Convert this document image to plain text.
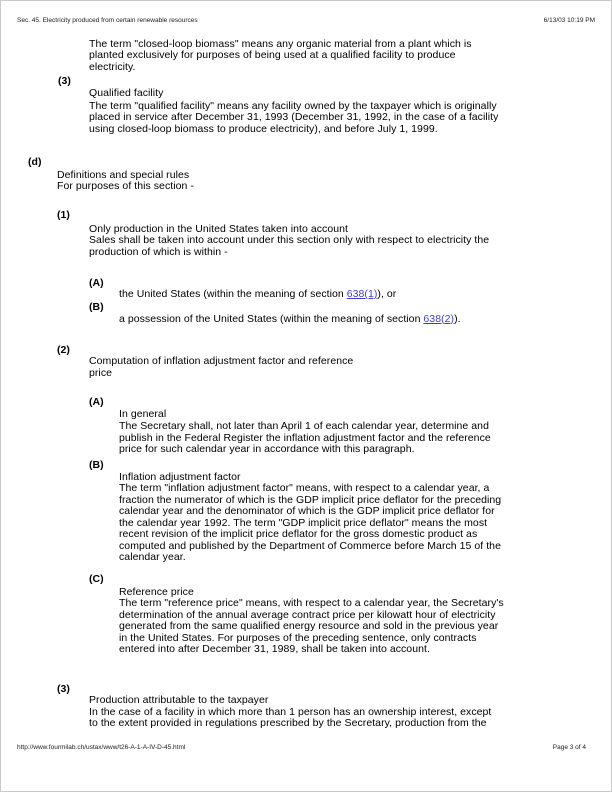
Sec. 45. Electricity produced from certain renewable resources	6/13/03 10:19 PM
The term "closed-loop biomass" means any organic material from a plant which is
planted exclusively for purposes of being used at a qualified facility to produce
electricity.
(3)
Qualified facility
The term "qualified facility" means any facility owned by the taxpayer which is originally
placed in service after December 31, 1993 (December 31, 1992, in the case of a facility
using closed-loop biomass to produce electricity), and before July 1, 1999.
(d)
Definitions and special rules
For purposes of this section -
(1)
Only production in the United States taken into account
Sales shall be taken into account under this section only with respect to electricity the
production of which is within -
(A)
the United States (within the meaning of section 638(1)), or
(B)
a possession of the United States (within the meaning of section 638(2)).
(2)
Computation of inflation adjustment factor and reference
price
(A)
In general
The Secretary shall, not later than April 1 of each calendar year, determine and
publish in the Federal Register the inflation adjustment factor and the reference
price for such calendar year in accordance with this paragraph.
(B)
Inflation adjustment factor
The term "inflation adjustment factor" means, with respect to a calendar year, a
fraction the numerator of which is the GDP implicit price deflator for the preceding
calendar year and the denominator of which is the GDP implicit price deflator for
the calendar year 1992. The term "GDP implicit price deflator" means the most
recent revision of the implicit price deflator for the gross domestic product as
computed and published by the Department of Commerce before March 15 of the
calendar year.
(C)
Reference price
The term "reference price" means, with respect to a calendar year, the Secretary's
determination of the annual average contract price per kilowatt hour of electricity
generated from the same qualified energy resource and sold in the previous year
in the United States. For purposes of the preceding sentence, only contracts
entered into after December 31, 1989, shall be taken into account.
(3)
Production attributable to the taxpayer
In the case of a facility in which more than 1 person has an ownership interest, except
to the extent provided in regulations prescribed by the Secretary, production from the
http://www.fourmilab.ch/ustax/www/t26-A-1-A-IV-D-45.html	Page 3 of 4
